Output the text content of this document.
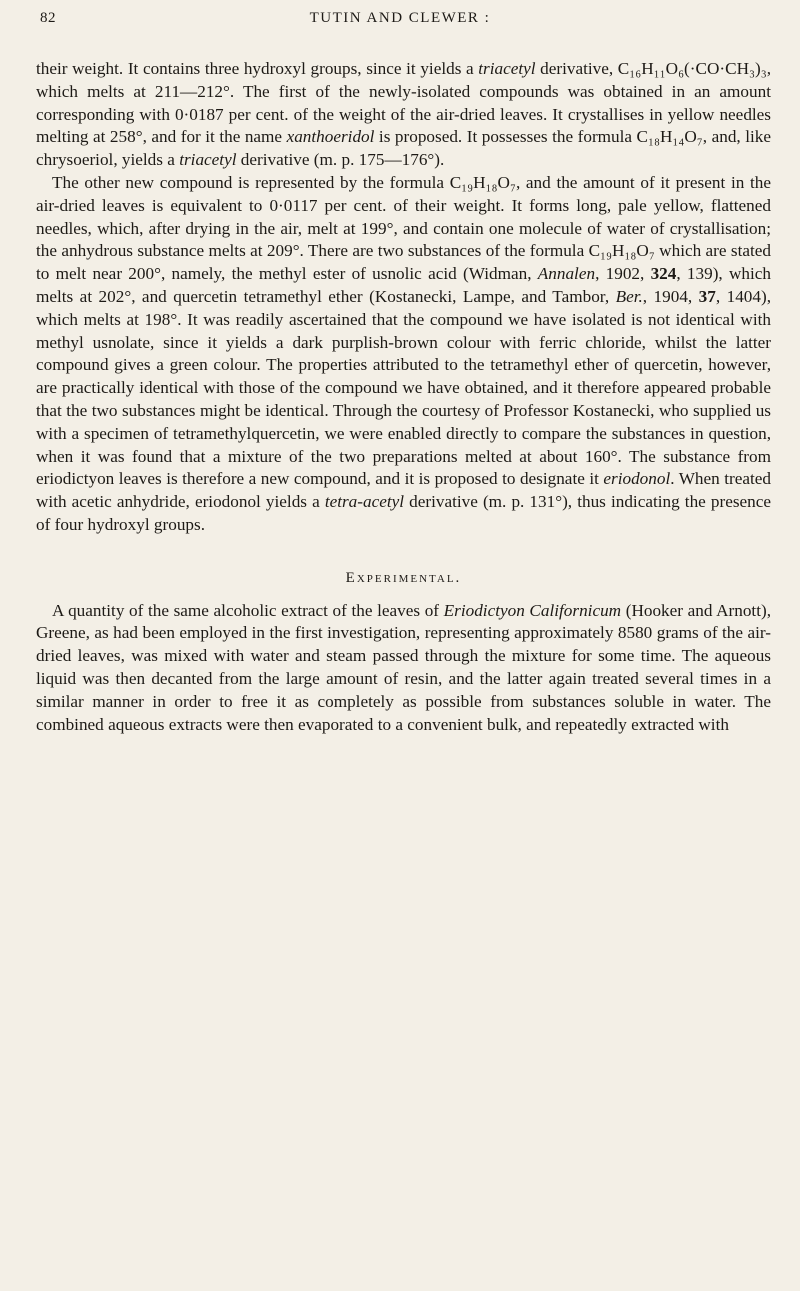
82	TUTIN AND CLEWER :

their weight. It contains three hydroxyl groups, since it yields a triacetyl derivative, C₁₆H₁₁O₆(·CO·CH₃)₃, which melts at 211—212°. The first of the newly-isolated compounds was obtained in an amount corresponding with 0·0187 per cent. of the weight of the air-dried leaves. It crystallises in yellow needles melting at 258°, and for it the name xanthoeridol is proposed. It possesses the formula C₁₈H₁₄O₇, and, like chrysoeriol, yields a triacetyl derivative (m. p. 175—176°).

The other new compound is represented by the formula C₁₉H₁₈O₇, and the amount of it present in the air-dried leaves is equivalent to 0·0117 per cent. of their weight. It forms long, pale yellow, flattened needles, which, after drying in the air, melt at 199°, and contain one molecule of water of crystallisation; the anhydrous substance melts at 209°. There are two substances of the formula C₁₉H₁₈O₇ which are stated to melt near 200°, namely, the methyl ester of usnolic acid (Widman, Annalen, 1902, 324, 139), which melts at 202°, and quercetin tetramethyl ether (Kostanecki, Lampe, and Tambor, Ber., 1904, 37, 1404), which melts at 198°. It was readily ascertained that the compound we have isolated is not identical with methyl usnolate, since it yields a dark purplish-brown colour with ferric chloride, whilst the latter compound gives a green colour. The properties attributed to the tetramethyl ether of quercetin, however, are practically identical with those of the compound we have obtained, and it therefore appeared probable that the two substances might be identical. Through the courtesy of Professor Kostanecki, who supplied us with a specimen of tetramethylquercetin, we were enabled directly to compare the substances in question, when it was found that a mixture of the two preparations melted at about 160°. The substance from eriodictyon leaves is therefore a new compound, and it is proposed to designate it eriodonol. When treated with acetic anhydride, eriodonol yields a tetra-acetyl derivative (m. p. 131°), thus indicating the presence of four hydroxyl groups.

Experimental.

A quantity of the same alcoholic extract of the leaves of Eriodictyon Californicum (Hooker and Arnott), Greene, as had been employed in the first investigation, representing approximately 8580 grams of the air-dried leaves, was mixed with water and steam passed through the mixture for some time. The aqueous liquid was then decanted from the large amount of resin, and the latter again treated several times in a similar manner in order to free it as completely as possible from substances soluble in water. The combined aqueous extracts were then evaporated to a convenient bulk, and repeatedly extracted with
